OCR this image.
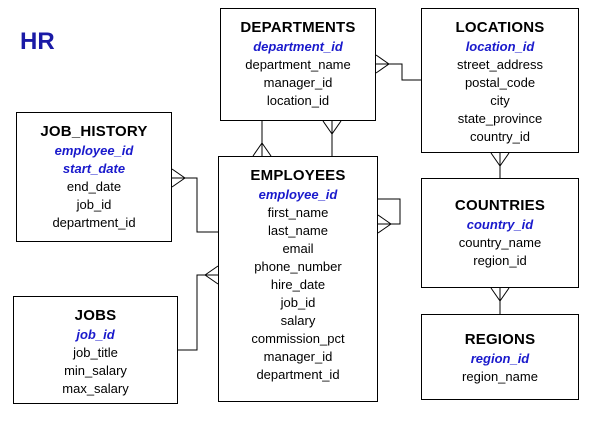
HR
DEPARTMENTS
department_id
department_name
manager_id
location_id
LOCATIONS
location_id
street_address
postal_code
city
state_province
country_id
JOB_HISTORY
employee_id
start_date
end_date
job_id
department_id
EMPLOYEES
employee_id
first_name
last_name
email
phone_number
hire_date
job_id
salary
commission_pct
manager_id
department_id
COUNTRIES
country_id
country_name
region_id
JOBS
job_id
job_title
min_salary
max_salary
REGIONS
region_id
region_name
